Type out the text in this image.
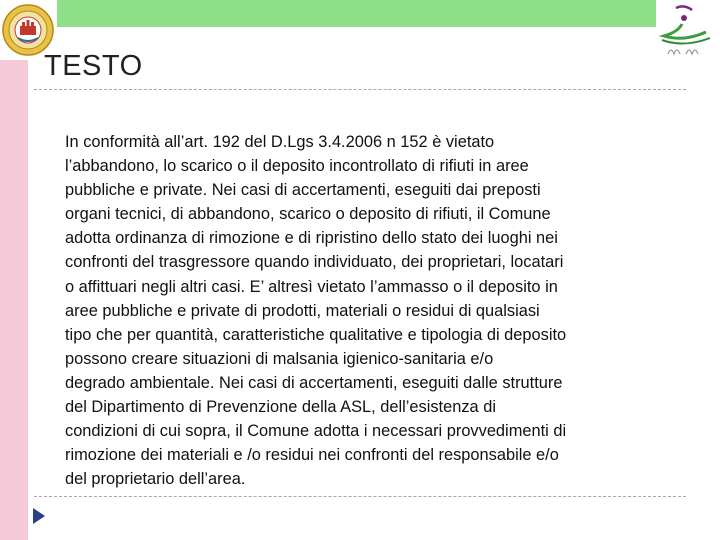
TESTO

In conformità all’art. 192 del D.Lgs 3.4.2006 n 152 è vietato
l’abbandono, lo scarico o il deposito incontrollato di rifiuti in aree
pubbliche e private. Nei casi di accertamenti, eseguiti dai preposti
organi tecnici, di abbandono, scarico o deposito di rifiuti, il Comune
adotta ordinanza di rimozione e di ripristino dello stato dei luoghi nei
confronti del trasgressore quando individuato, dei proprietari, locatari
o affittuari negli altri casi. E’ altresì vietato l’ammasso o il deposito in
aree pubbliche e private di prodotti, materiali o residui di qualsiasi
tipo che per quantità, caratteristiche qualitative e tipologia di deposito
possono creare situazioni di malsania igienico-sanitaria e/o
degrado ambientale. Nei casi di accertamenti, eseguiti dalle strutture
del Dipartimento di Prevenzione della ASL, dell’esistenza di
condizioni di cui sopra, il Comune adotta i necessari provvedimenti di
rimozione dei materiali e /o residui nei confronti del responsabile e/o
del proprietario dell’area.
